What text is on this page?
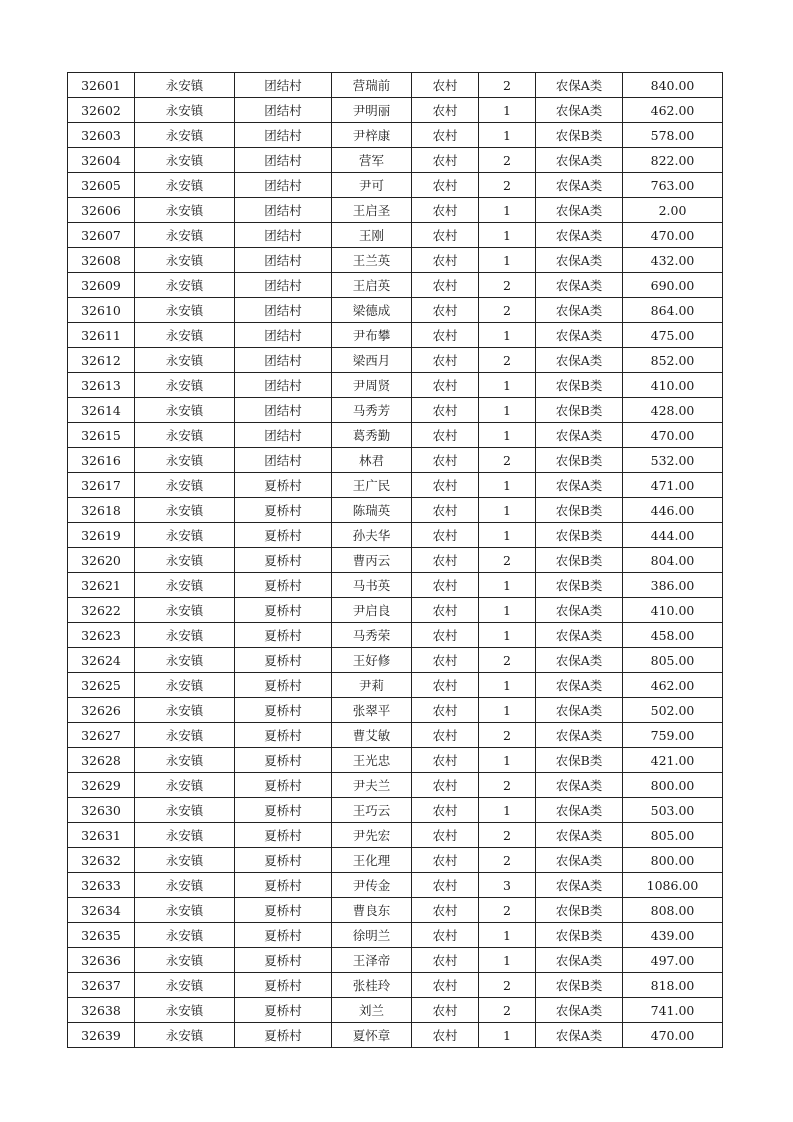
32601	永安镇	团结村	营瑞前	农村	2	农保A类	840.00
32602	永安镇	团结村	尹明丽	农村	1	农保A类	462.00
32603	永安镇	团结村	尹梓康	农村	1	农保B类	578.00
32604	永安镇	团结村	营军	农村	2	农保A类	822.00
32605	永安镇	团结村	尹可	农村	2	农保A类	763.00
32606	永安镇	团结村	王启圣	农村	1	农保A类	2.00
32607	永安镇	团结村	王刚	农村	1	农保A类	470.00
32608	永安镇	团结村	王兰英	农村	1	农保A类	432.00
32609	永安镇	团结村	王启英	农村	2	农保A类	690.00
32610	永安镇	团结村	梁德成	农村	2	农保A类	864.00
32611	永安镇	团结村	尹布攀	农村	1	农保A类	475.00
32612	永安镇	团结村	梁西月	农村	2	农保A类	852.00
32613	永安镇	团结村	尹周贤	农村	1	农保B类	410.00
32614	永安镇	团结村	马秀芳	农村	1	农保B类	428.00
32615	永安镇	团结村	葛秀勤	农村	1	农保A类	470.00
32616	永安镇	团结村	林君	农村	2	农保B类	532.00
32617	永安镇	夏桥村	王广民	农村	1	农保A类	471.00
32618	永安镇	夏桥村	陈瑞英	农村	1	农保B类	446.00
32619	永安镇	夏桥村	孙夫华	农村	1	农保B类	444.00
32620	永安镇	夏桥村	曹丙云	农村	2	农保B类	804.00
32621	永安镇	夏桥村	马书英	农村	1	农保B类	386.00
32622	永安镇	夏桥村	尹启良	农村	1	农保A类	410.00
32623	永安镇	夏桥村	马秀荣	农村	1	农保A类	458.00
32624	永安镇	夏桥村	王好修	农村	2	农保A类	805.00
32625	永安镇	夏桥村	尹莉	农村	1	农保A类	462.00
32626	永安镇	夏桥村	张翠平	农村	1	农保A类	502.00
32627	永安镇	夏桥村	曹艾敏	农村	2	农保A类	759.00
32628	永安镇	夏桥村	王光忠	农村	1	农保B类	421.00
32629	永安镇	夏桥村	尹夫兰	农村	2	农保A类	800.00
32630	永安镇	夏桥村	王巧云	农村	1	农保A类	503.00
32631	永安镇	夏桥村	尹先宏	农村	2	农保A类	805.00
32632	永安镇	夏桥村	王化理	农村	2	农保A类	800.00
32633	永安镇	夏桥村	尹传金	农村	3	农保A类	1086.00
32634	永安镇	夏桥村	曹良东	农村	2	农保B类	808.00
32635	永安镇	夏桥村	徐明兰	农村	1	农保B类	439.00
32636	永安镇	夏桥村	王泽帝	农村	1	农保A类	497.00
32637	永安镇	夏桥村	张桂玲	农村	2	农保B类	818.00
32638	永安镇	夏桥村	刘兰	农村	2	农保A类	741.00
32639	永安镇	夏桥村	夏怀章	农村	1	农保A类	470.00
